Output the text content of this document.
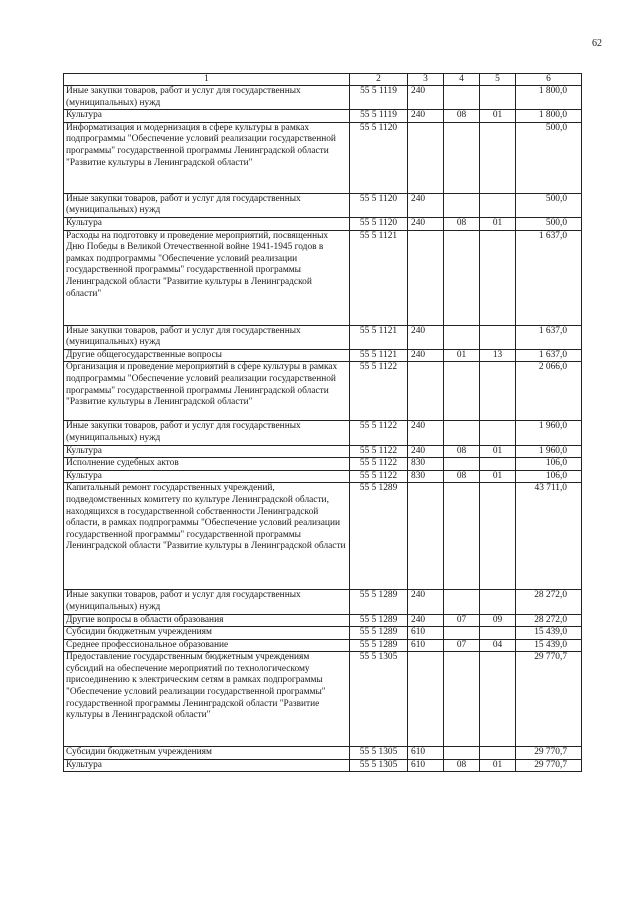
62
1	2	3	4	5	6
Иные закупки товаров, работ и услуг для государственных (муниципальных) нужд	55 5 1119	240			1 800,0
Культура	55 5 1119	240	08	01	1 800,0
Информатизация и модернизация в сфере культуры в рамках подпрограммы "Обеспечение условий реализации государственной программы" государственной программы Ленинградской области "Развитие культуры в Ленинградской области"	55 5 1120				500,0
Иные закупки товаров, работ и услуг для государственных (муниципальных) нужд	55 5 1120	240			500,0
Культура	55 5 1120	240	08	01	500,0
Расходы на подготовку и проведение мероприятий, посвященных Дню Победы в Великой Отечественной войне 1941-1945 годов в рамках подпрограммы "Обеспечение условий реализации государственной программы" государственной программы Ленинградской области "Развитие культуры в Ленинградской области"	55 5 1121				1 637,0
Иные закупки товаров, работ и услуг для государственных (муниципальных) нужд	55 5 1121	240			1 637,0
Другие общегосударственные вопросы	55 5 1121	240	01	13	1 637,0
Организация и проведение мероприятий в сфере культуры в рамках подпрограммы "Обеспечение условий реализации государственной программы" государственной программы Ленинградской области "Развитие культуры в Ленинградской области"	55 5 1122				2 066,0
Иные закупки товаров, работ и услуг для государственных (муниципальных) нужд	55 5 1122	240			1 960,0
Культура	55 5 1122	240	08	01	1 960,0
Исполнение судебных актов	55 5 1122	830			106,0
Культура	55 5 1122	830	08	01	106,0
Капитальный ремонт государственных учреждений, подведомственных комитету по культуре Ленинградской области, находящихся в государственной собственности Ленинградской области, в рамках подпрограммы "Обеспечение условий реализации государственной программы" государственной программы Ленинградской области "Развитие культуры в Ленинградской области	55 5 1289				43 711,0
Иные закупки товаров, работ и услуг для государственных (муниципальных) нужд	55 5 1289	240			28 272,0
Другие вопросы в области образования	55 5 1289	240	07	09	28 272,0
Субсидии бюджетным учреждениям	55 5 1289	610			15 439,0
Среднее профессиональное образование	55 5 1289	610	07	04	15 439,0
Предоставление государственным бюджетным учреждениям субсидий на обеспечение мероприятий по технологическому присоединению к электрическим сетям в рамках подпрограммы "Обеспечение условий реализации государственной программы" государственной программы Ленинградской области "Развитие культуры в Ленинградской области"	55 5 1305				29 770,7
Субсидии бюджетным учреждениям	55 5 1305	610			29 770,7
Культура	55 5 1305	610	08	01	29 770,7
